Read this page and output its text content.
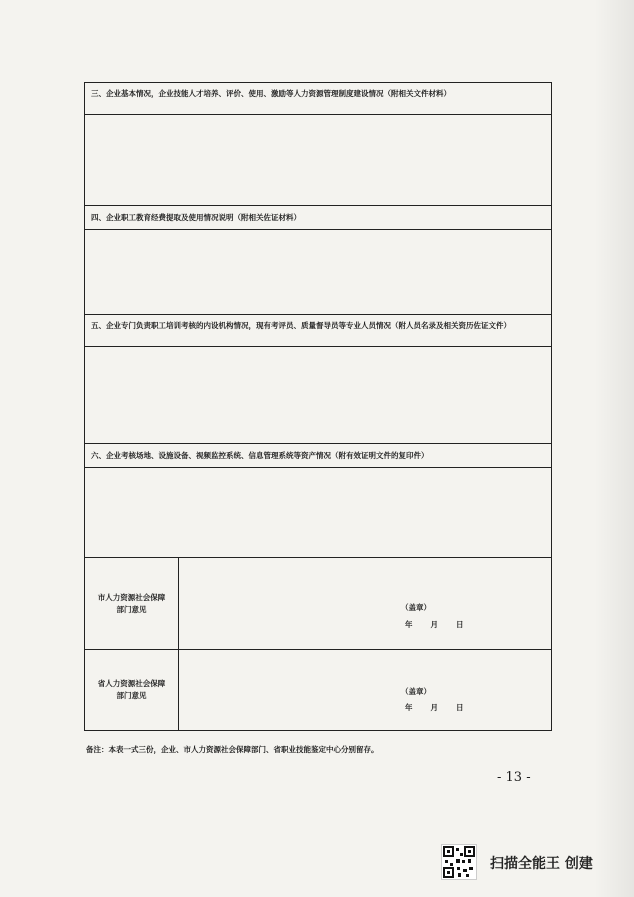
三、企业基本情况，企业技能人才培养、评价、使用、激励等人力资源管理制度建设情况（附相关文件材料）
四、企业职工教育经费提取及使用情况说明（附相关佐证材料）
五、企业专门负责职工培训考核的内设机构情况，现有考评员、质量督导员等专业人员情况（附人员名录及相关资历佐证文件）
六、企业考核场地、设施设备、视频监控系统、信息管理系统等资产情况（附有效证明文件的复印件）
市人力资源社会保障部门意见	（盖章）
年 月 日
省人力资源社会保障部门意见	（盖章）
年 月 日
备注：本表一式三份，企业、市人力资源社会保障部门、省职业技能鉴定中心分别留存。
- 13 -
扫描全能王 创建
